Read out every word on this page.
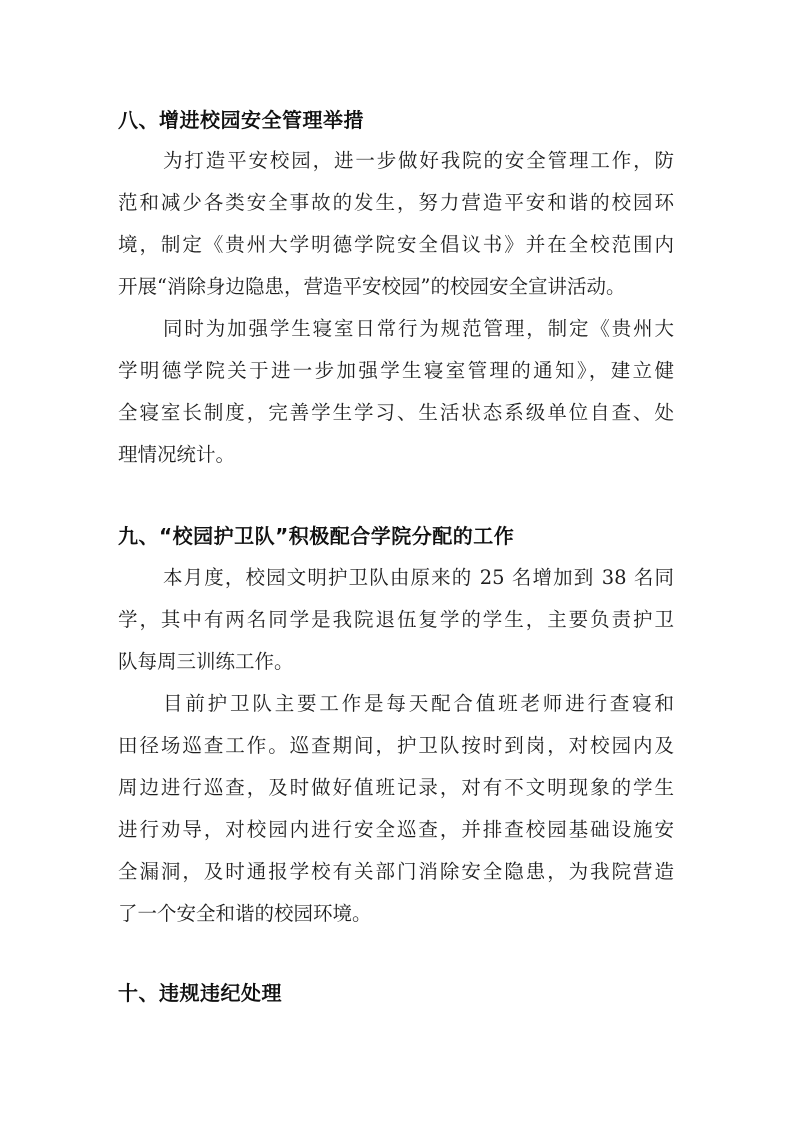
八、增进校园安全管理举措
为打造平安校园，进一步做好我院的安全管理工作，防
范和减少各类安全事故的发生，努力营造平安和谐的校园环
境，制定《贵州大学明德学院安全倡议书》并在全校范围内
开展“消除身边隐患，营造平安校园”的校园安全宣讲活动。
同时为加强学生寝室日常行为规范管理，制定《贵州大
学明德学院关于进一步加强学生寝室管理的通知》，建立健
全寝室长制度，完善学生学习、生活状态系级单位自查、处
理情况统计。
九、“校园护卫队”积极配合学院分配的工作
本月度，校园文明护卫队由原来的 25 名增加到 38 名同
学，其中有两名同学是我院退伍复学的学生，主要负责护卫
队每周三训练工作。
目前护卫队主要工作是每天配合值班老师进行查寝和
田径场巡查工作。巡查期间，护卫队按时到岗，对校园内及
周边进行巡查，及时做好值班记录，对有不文明现象的学生
进行劝导，对校园内进行安全巡查，并排查校园基础设施安
全漏洞，及时通报学校有关部门消除安全隐患，为我院营造
了一个安全和谐的校园环境。
十、违规违纪处理
